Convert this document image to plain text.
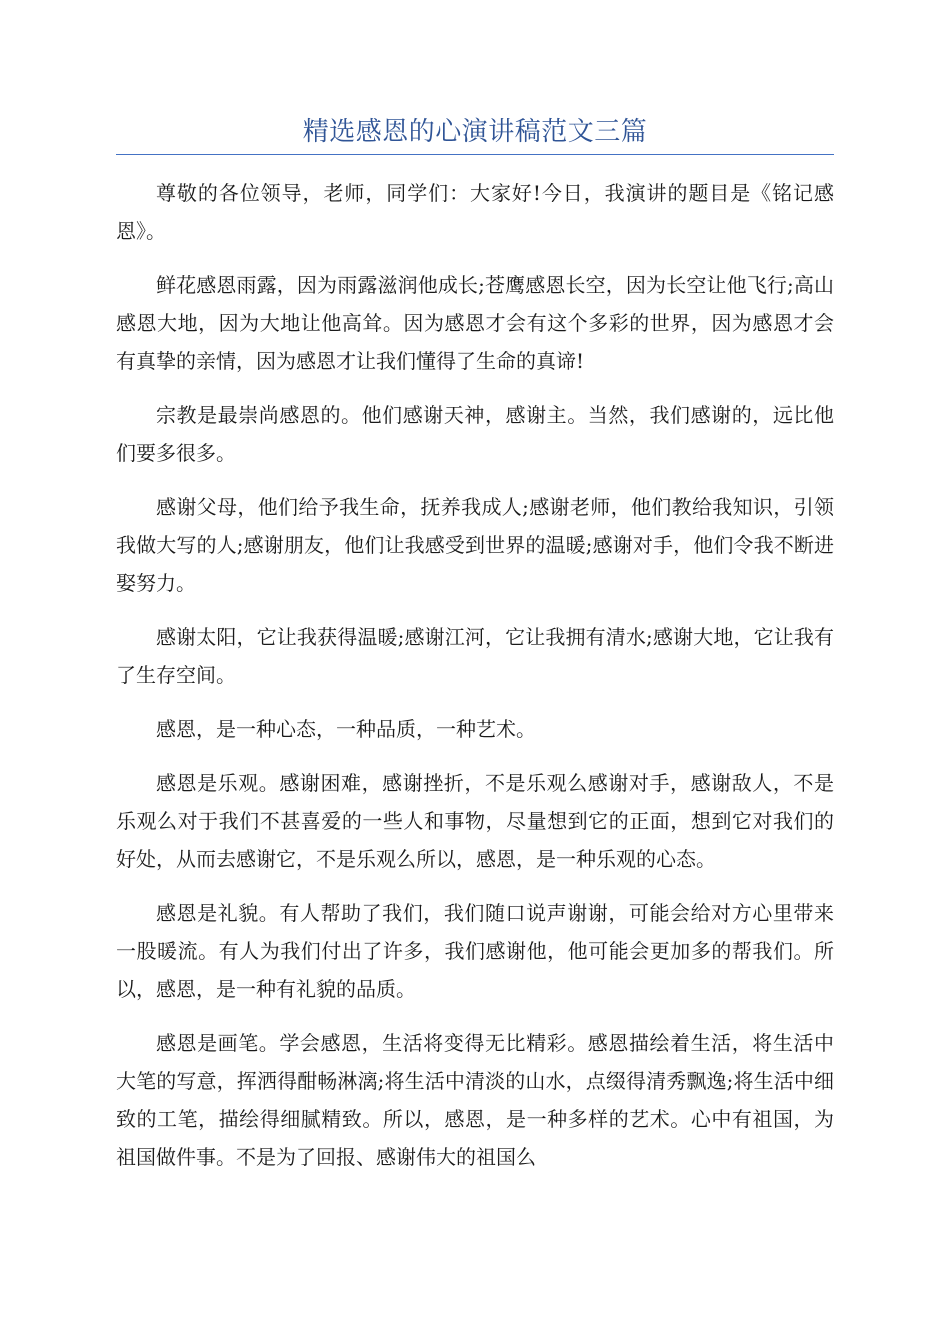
精选感恩的心演讲稿范文三篇

尊敬的各位领导，老师，同学们：大家好!今日，我演讲的题目是《铭记感恩》。

鲜花感恩雨露，因为雨露滋润他成长;苍鹰感恩长空，因为长空让他飞行;高山感恩大地，因为大地让他高耸。因为感恩才会有这个多彩的世界，因为感恩才会有真挚的亲情，因为感恩才让我们懂得了生命的真谛!

宗教是最崇尚感恩的。他们感谢天神，感谢主。当然，我们感谢的，远比他们要多很多。

感谢父母，他们给予我生命，抚养我成人;感谢老师，他们教给我知识，引领我做大写的人;感谢朋友，他们让我感受到世界的温暖;感谢对手，他们令我不断进娶努力。

感谢太阳，它让我获得温暖;感谢江河，它让我拥有清水;感谢大地，它让我有了生存空间。

感恩，是一种心态，一种品质，一种艺术。

感恩是乐观。感谢困难，感谢挫折，不是乐观么感谢对手，感谢敌人，不是乐观么对于我们不甚喜爱的一些人和事物，尽量想到它的正面，想到它对我们的好处，从而去感谢它，不是乐观么所以，感恩，是一种乐观的心态。

感恩是礼貌。有人帮助了我们，我们随口说声谢谢，可能会给对方心里带来一股暖流。有人为我们付出了许多，我们感谢他，他可能会更加多的帮我们。所以，感恩，是一种有礼貌的品质。

感恩是画笔。学会感恩，生活将变得无比精彩。感恩描绘着生活，将生活中大笔的写意，挥洒得酣畅淋漓;将生活中清淡的山水，点缀得清秀飘逸;将生活中细致的工笔，描绘得细腻精致。所以，感恩，是一种多样的艺术。心中有祖国，为祖国做件事。不是为了回报、感谢伟大的祖国么
